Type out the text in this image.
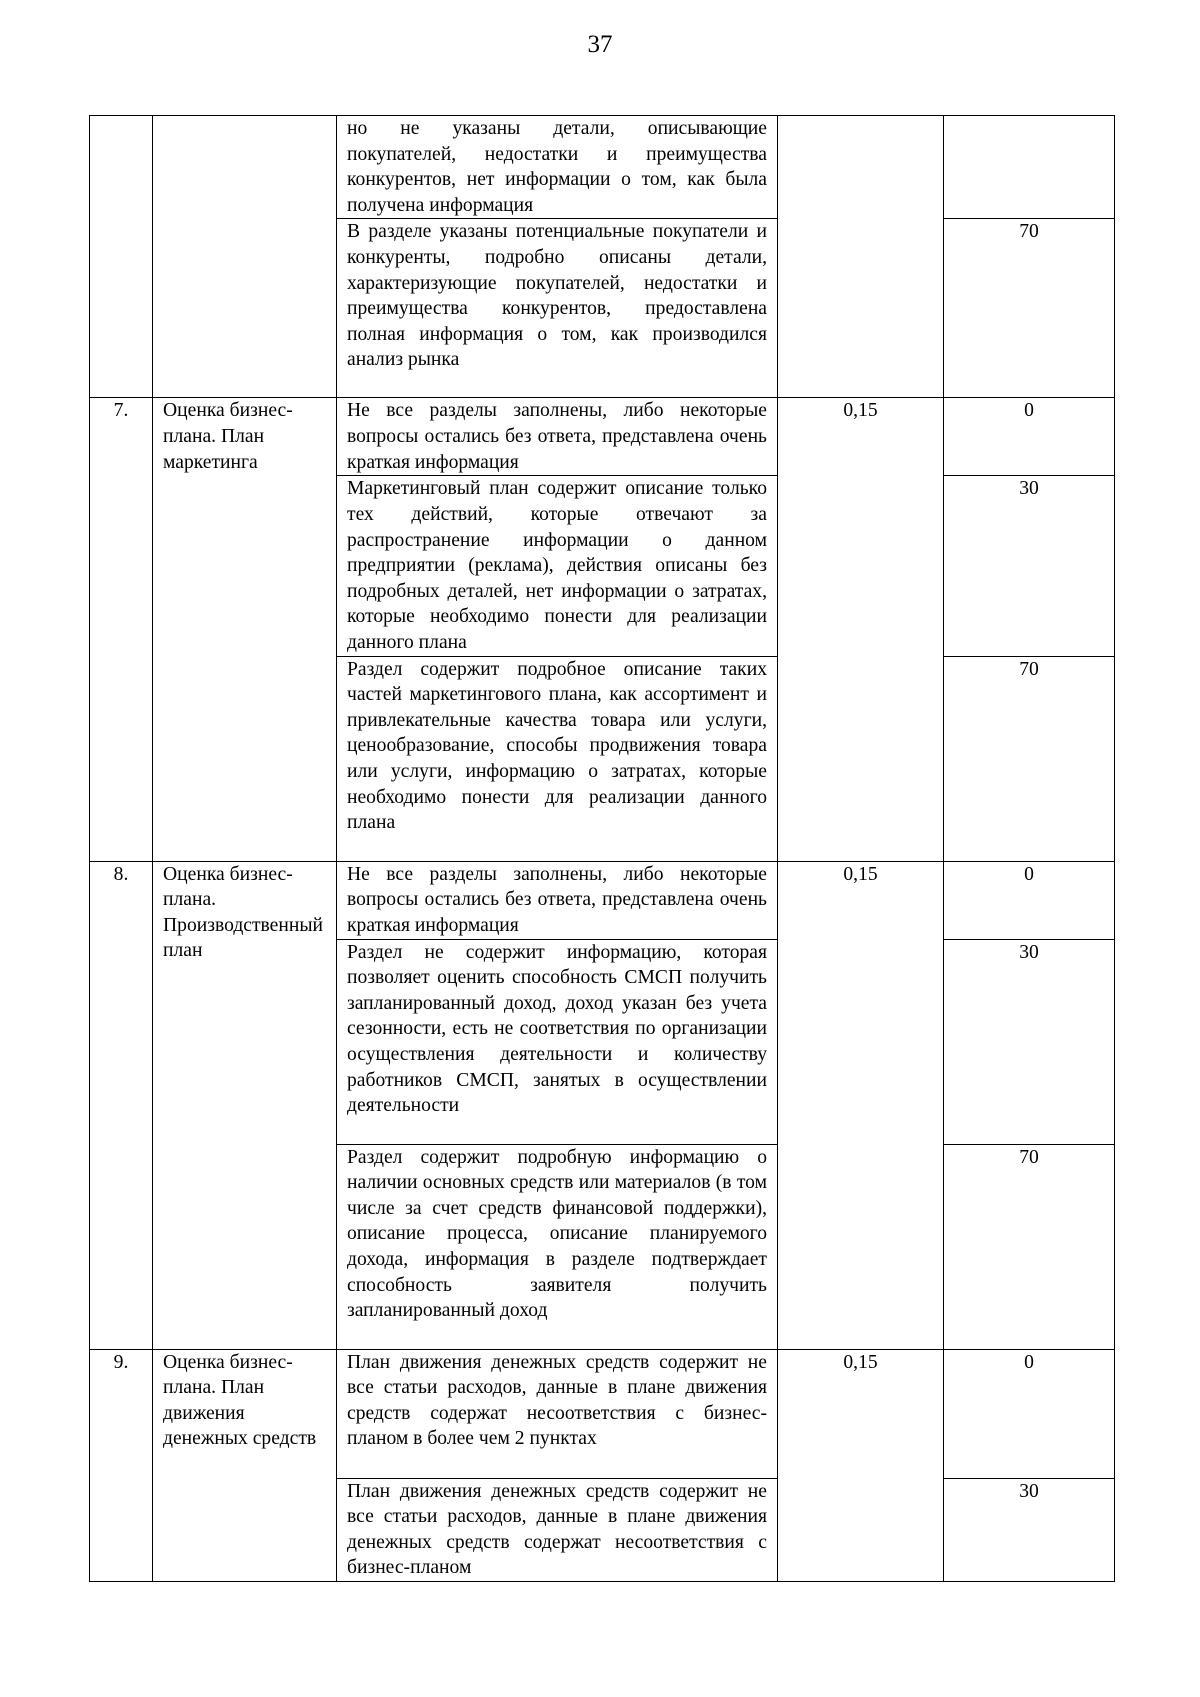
37
		но не указаны детали, описывающие покупателей, недостатки и преимущества конкурентов, нет информации о том, как была получена информация		
		В разделе указаны потенциальные покупатели и конкуренты, подробно описаны детали, характеризующие покупателей, недостатки и преимущества конкурентов, предоставлена полная информация о том, как производился анализ рынка		70
7.	Оценка бизнес-плана. План маркетинга	Не все разделы заполнены, либо некоторые вопросы остались без ответа, представлена очень краткая информация	0,15	0
		Маркетинговый план содержит описание только тех действий, которые отвечают за распространение информации о данном предприятии (реклама), действия описаны без подробных деталей, нет информации о затратах, которые необходимо понести для реализации данного плана		30
		Раздел содержит подробное описание таких частей маркетингового плана, как ассортимент и привлекательные качества товара или услуги, ценообразование, способы продвижения товара или услуги, информацию о затратах, которые необходимо понести для реализации данного плана		70
8.	Оценка бизнес-плана. Производственный план	Не все разделы заполнены, либо некоторые вопросы остались без ответа, представлена очень краткая информация	0,15	0
		Раздел не содержит информацию, которая позволяет оценить способность СМСП получить запланированный доход, доход указан без учета сезонности, есть не соответствия по организации осуществления деятельности и количеству работников СМСП, занятых в осуществлении деятельности		30
		Раздел содержит подробную информацию о наличии основных средств или материалов (в том числе за счет средств финансовой поддержки), описание процесса, описание планируемого дохода, информация в разделе подтверждает способность заявителя получить запланированный доход		70
9.	Оценка бизнес-плана. План движения денежных средств	План движения денежных средств содержит не все статьи расходов, данные в плане движения средств содержат несоответствия с бизнес-планом в более чем 2 пунктах	0,15	0
		План движения денежных средств содержит не все статьи расходов, данные в плане движения денежных средств содержат несоответствия с бизнес-планом		30
